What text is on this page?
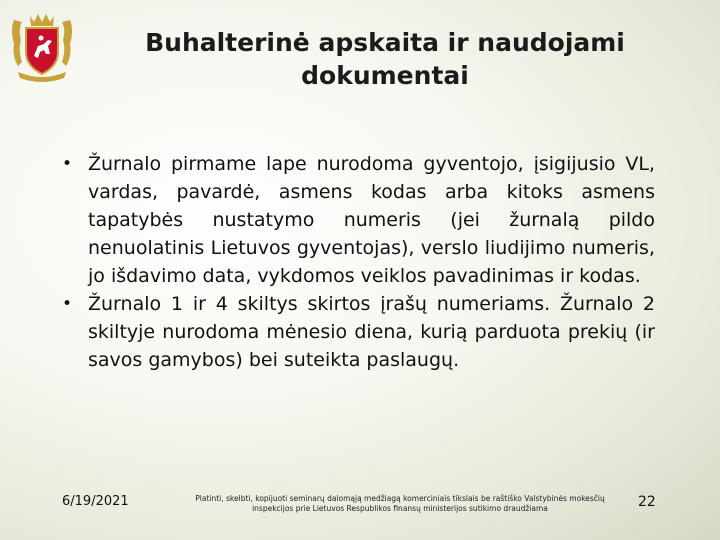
Buhalterinė apskaita ir naudojami
dokumentai
• Žurnalo pirmame lape nurodoma gyventojo, įsigijusio VL, vardas, pavardė, asmens kodas arba kitoks asmens tapatybės nustatymo numeris (jei žurnalą pildo nenuolatinis Lietuvos gyventojas), verslo liudijimo numeris, jo išdavimo data, vykdomos veiklos pavadinimas ir kodas.
• Žurnalo 1 ir 4 skiltys skirtos įrašų numeriams. Žurnalo 2 skiltyje nurodoma mėnesio diena, kurią parduota prekių (ir savos gamybos) bei suteikta paslaugų.
6/19/2021	Platinti, skelbti, kopijuoti seminarų dalomąją medžiagą komerciniais tikslais be raštiško Valstybinės mokesčių inspekcijos prie Lietuvos Respublikos finansų ministerijos sutikimo draudžiama	22
